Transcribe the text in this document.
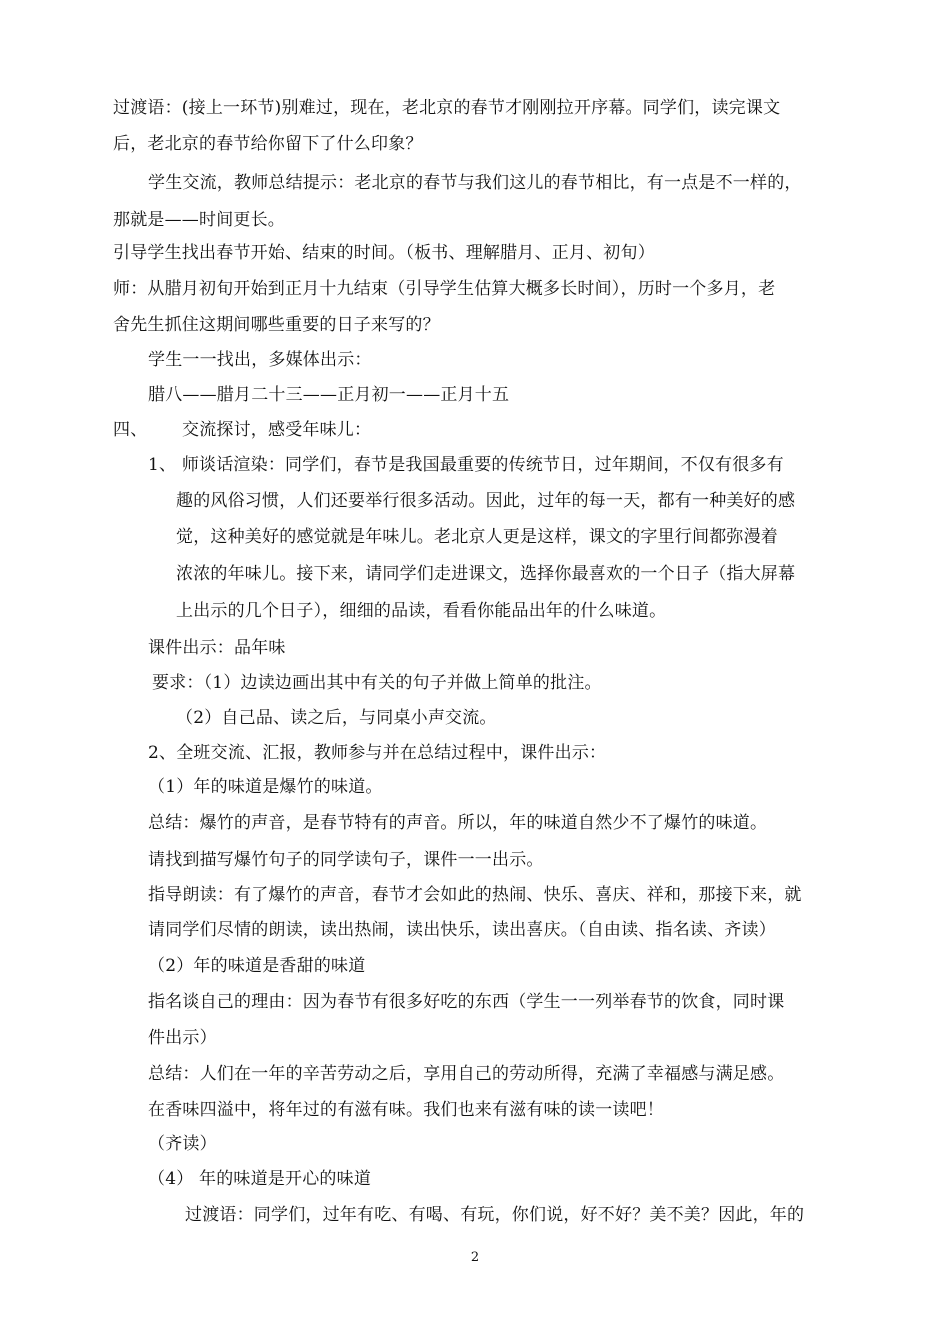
过渡语：(接上一环节)别难过，现在，老北京的春节才刚刚拉开序幕。同学们，读完课文
后，老北京的春节给你留下了什么印象？
学生交流，教师总结提示：老北京的春节与我们这儿的春节相比，有一点是不一样的，
那就是——时间更长。
引导学生找出春节开始、结束的时间。（板书、理解腊月、正月、初旬）
师：从腊月初旬开始到正月十九结束（引导学生估算大概多长时间），历时一个多月，老
舍先生抓住这期间哪些重要的日子来写的？
学生一一找出，多媒体出示：
腊八——腊月二十三——正月初一——正月十五
四、 交流探讨，感受年味儿：
1、 师谈话渲染：同学们，春节是我国最重要的传统节日，过年期间，不仅有很多有
趣的风俗习惯，人们还要举行很多活动。因此，过年的每一天，都有一种美好的感
觉，这种美好的感觉就是年味儿。老北京人更是这样，课文的字里行间都弥漫着
浓浓的年味儿。接下来，请同学们走进课文，选择你最喜欢的一个日子（指大屏幕
上出示的几个日子），细细的品读，看看你能品出年的什么味道。
课件出示：品年味
要求：（1）边读边画出其中有关的句子并做上简单的批注。
（2）自己品、读之后，与同桌小声交流。
2、全班交流、汇报，教师参与并在总结过程中，课件出示：
（1）年的味道是爆竹的味道。
总结：爆竹的声音，是春节特有的声音。所以，年的味道自然少不了爆竹的味道。
请找到描写爆竹句子的同学读句子，课件一一出示。
指导朗读：有了爆竹的声音，春节才会如此的热闹、快乐、喜庆、祥和，那接下来，就
请同学们尽情的朗读，读出热闹，读出快乐，读出喜庆。（自由读、指名读、齐读）
（2）年的味道是香甜的味道
指名谈自己的理由：因为春节有很多好吃的东西（学生一一列举春节的饮食，同时课
件出示）
总结：人们在一年的辛苦劳动之后，享用自己的劳动所得，充满了幸福感与满足感。
在香味四溢中，将年过的有滋有味。我们也来有滋有味的读一读吧！
（齐读）
（4） 年的味道是开心的味道
过渡语：同学们，过年有吃、有喝、有玩，你们说，好不好？美不美？因此，年的
2
